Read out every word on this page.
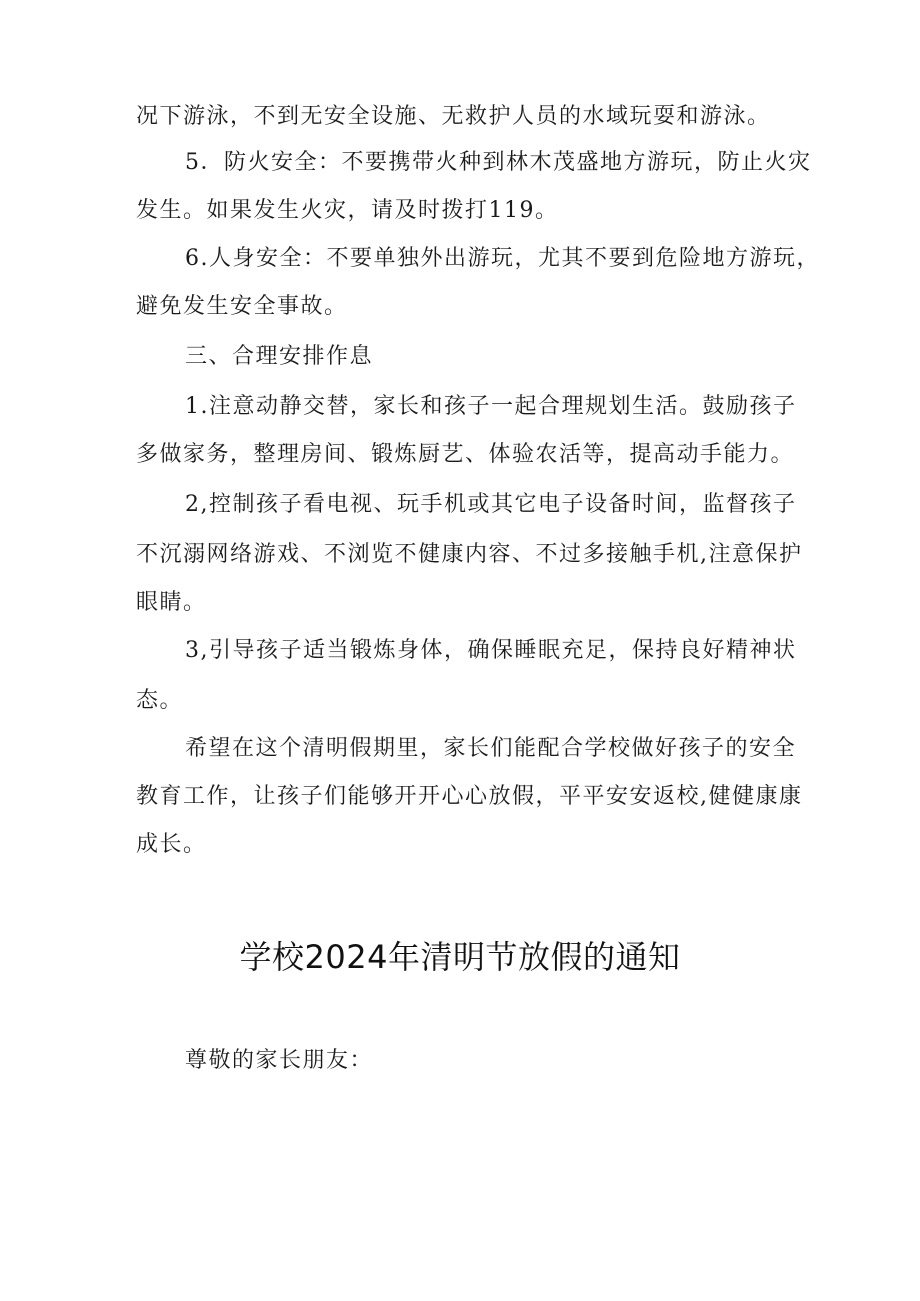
况下游泳，不到无安全设施、无救护人员的水域玩耍和游泳。
5．防火安全：不要携带火种到林木茂盛地方游玩，防止火灾
发生。如果发生火灾，请及时拨打119。
6.人身安全：不要单独外出游玩，尤其不要到危险地方游玩，
避免发生安全事故。
三、合理安排作息
1.注意动静交替，家长和孩子一起合理规划生活。鼓励孩子
多做家务，整理房间、锻炼厨艺、体验农活等，提高动手能力。
2,控制孩子看电视、玩手机或其它电子设备时间，监督孩子
不沉溺网络游戏、不浏览不健康内容、不过多接触手机,注意保护
眼睛。
3,引导孩子适当锻炼身体，确保睡眠充足，保持良好精神状
态。
希望在这个清明假期里，家长们能配合学校做好孩子的安全
教育工作，让孩子们能够开开心心放假，平平安安返校,健健康康
成长。
学校2024年清明节放假的通知
尊敬的家长朋友：
